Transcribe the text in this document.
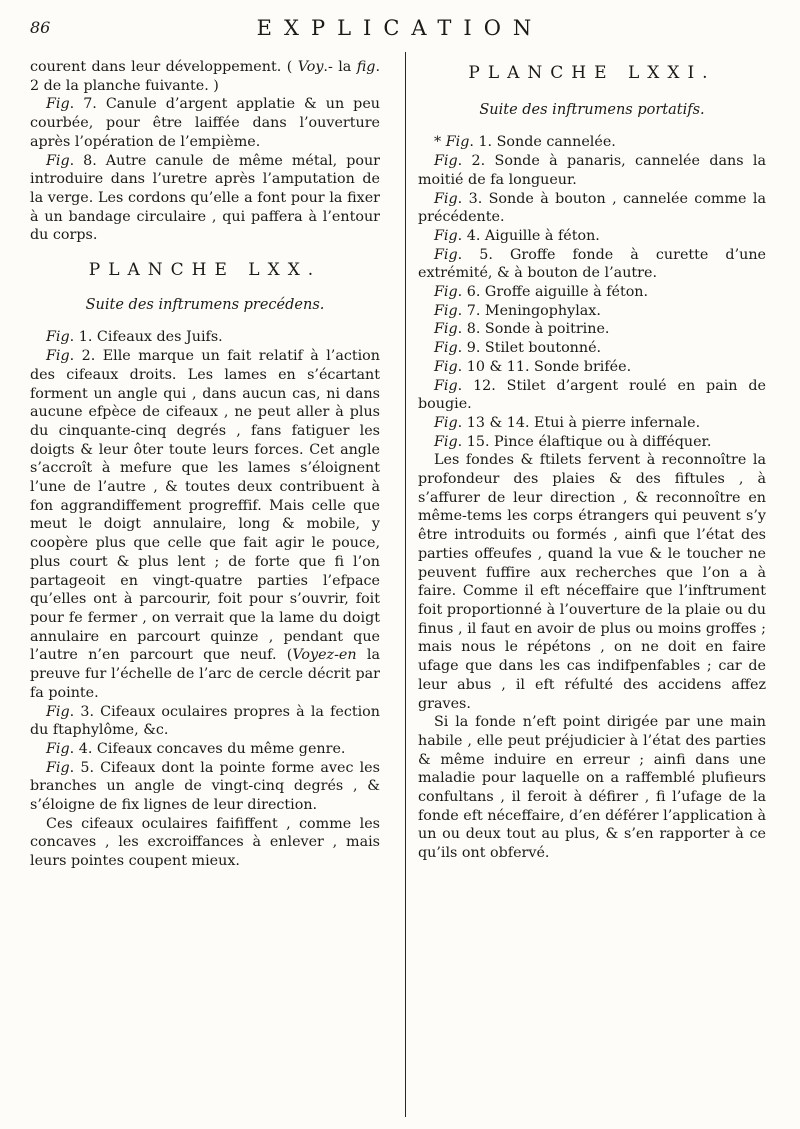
86	EXPLICATION

courent dans leur développement. ( Voy.- la fig. 2 de la planche fuivante. )

Fig. 7. Canule d’argent applatie & un peu courbée, pour être laiffée dans l’ouverture après l’opération de l’empième.

Fig. 8. Autre canule de même métal, pour introduire dans l’uretre après l’amputation de la verge. Les cordons qu’elle a font pour la fixer à un bandage circulaire , qui paffera à l’entour du corps.

PLANCHE LXX.

Suite des inftrumens precédens.

Fig. 1. Cifeaux des Juifs.

Fig. 2. Elle marque un fait relatif à l’action des cifeaux droits. Les lames en s’écartant forment un angle qui , dans aucun cas, ni dans aucune efpèce de cifeaux , ne peut aller à plus du cinquante-cinq degrés , fans fatiguer les doigts & leur ôter toute leurs forces. Cet angle s’accroît à mefure que les lames s’éloignent l’une de l’autre , & toutes deux contribuent à fon aggrandiffement progreffif. Mais celle que meut le doigt annulaire, long & mobile, y coopère plus que celle que fait agir le pouce, plus court & plus lent ; de forte que fi l’on partageoit en vingt-quatre parties l’efpace qu’elles ont à parcourir, foit pour s’ouvrir, foit pour fe fermer , on verrait que la lame du doigt annulaire en parcourt quinze , pendant que l’autre n’en parcourt que neuf. (Voyez-en la preuve fur l’échelle de l’arc de cercle décrit par fa pointe.

Fig. 3. Cifeaux oculaires propres à la fection du ftaphylôme, &c.

Fig. 4. Cifeaux concaves du même genre.

Fig. 5. Cifeaux dont la pointe forme avec les branches un angle de vingt-cinq degrés , & s’éloigne de fix lignes de leur direction.

Ces cifeaux oculaires faififfent , comme les concaves , les excroiffances à enlever , mais leurs pointes coupent mieux.

PLANCHE LXXI.

Suite des inftrumens portatifs.

* Fig. 1. Sonde cannelée.

Fig. 2. Sonde à panaris, cannelée dans la moitié de fa longueur.

Fig. 3. Sonde à bouton , cannelée comme la précédente.

Fig. 4. Aiguille à féton.

Fig. 5. Groffe fonde à curette d’une extrémité, & à bouton de l’autre.

Fig. 6. Groffe aiguille à féton.

Fig. 7. Meningophylax.

Fig. 8. Sonde à poitrine.

Fig. 9. Stilet boutonné.

Fig. 10 & 11. Sonde brifée.

Fig. 12. Stilet d’argent roulé en pain de bougie.

Fig. 13 & 14. Etui à pierre infernale.

Fig. 15. Pince élaftique ou à difféquer.

Les fondes & ftilets fervent à reconnoître la profondeur des plaies & des fiftules , à s’affurer de leur direction , & reconnoître en même-tems les corps étrangers qui peuvent s’y être introduits ou formés , ainfi que l’état des parties offeufes , quand la vue & le toucher ne peuvent fuffire aux recherches que l’on a à faire. Comme il eft néceffaire que l’inftrument foit proportionné à l’ouverture de la plaie ou du finus , il faut en avoir de plus ou moins groffes ; mais nous le répétons , on ne doit en faire ufage que dans les cas indifpenfables ; car de leur abus , il eft réfulté des accidens affez graves.

Si la fonde n’eft point dirigée par une main habile , elle peut préjudicier à l’état des parties & même induire en erreur ; ainfi dans une maladie pour laquelle on a raffemblé plufieurs confultans , il feroit à défirer , fi l’ufage de la fonde eft néceffaire, d’en déférer l’application à un ou deux tout au plus, & s’en rapporter à ce qu’ils ont obfervé.
